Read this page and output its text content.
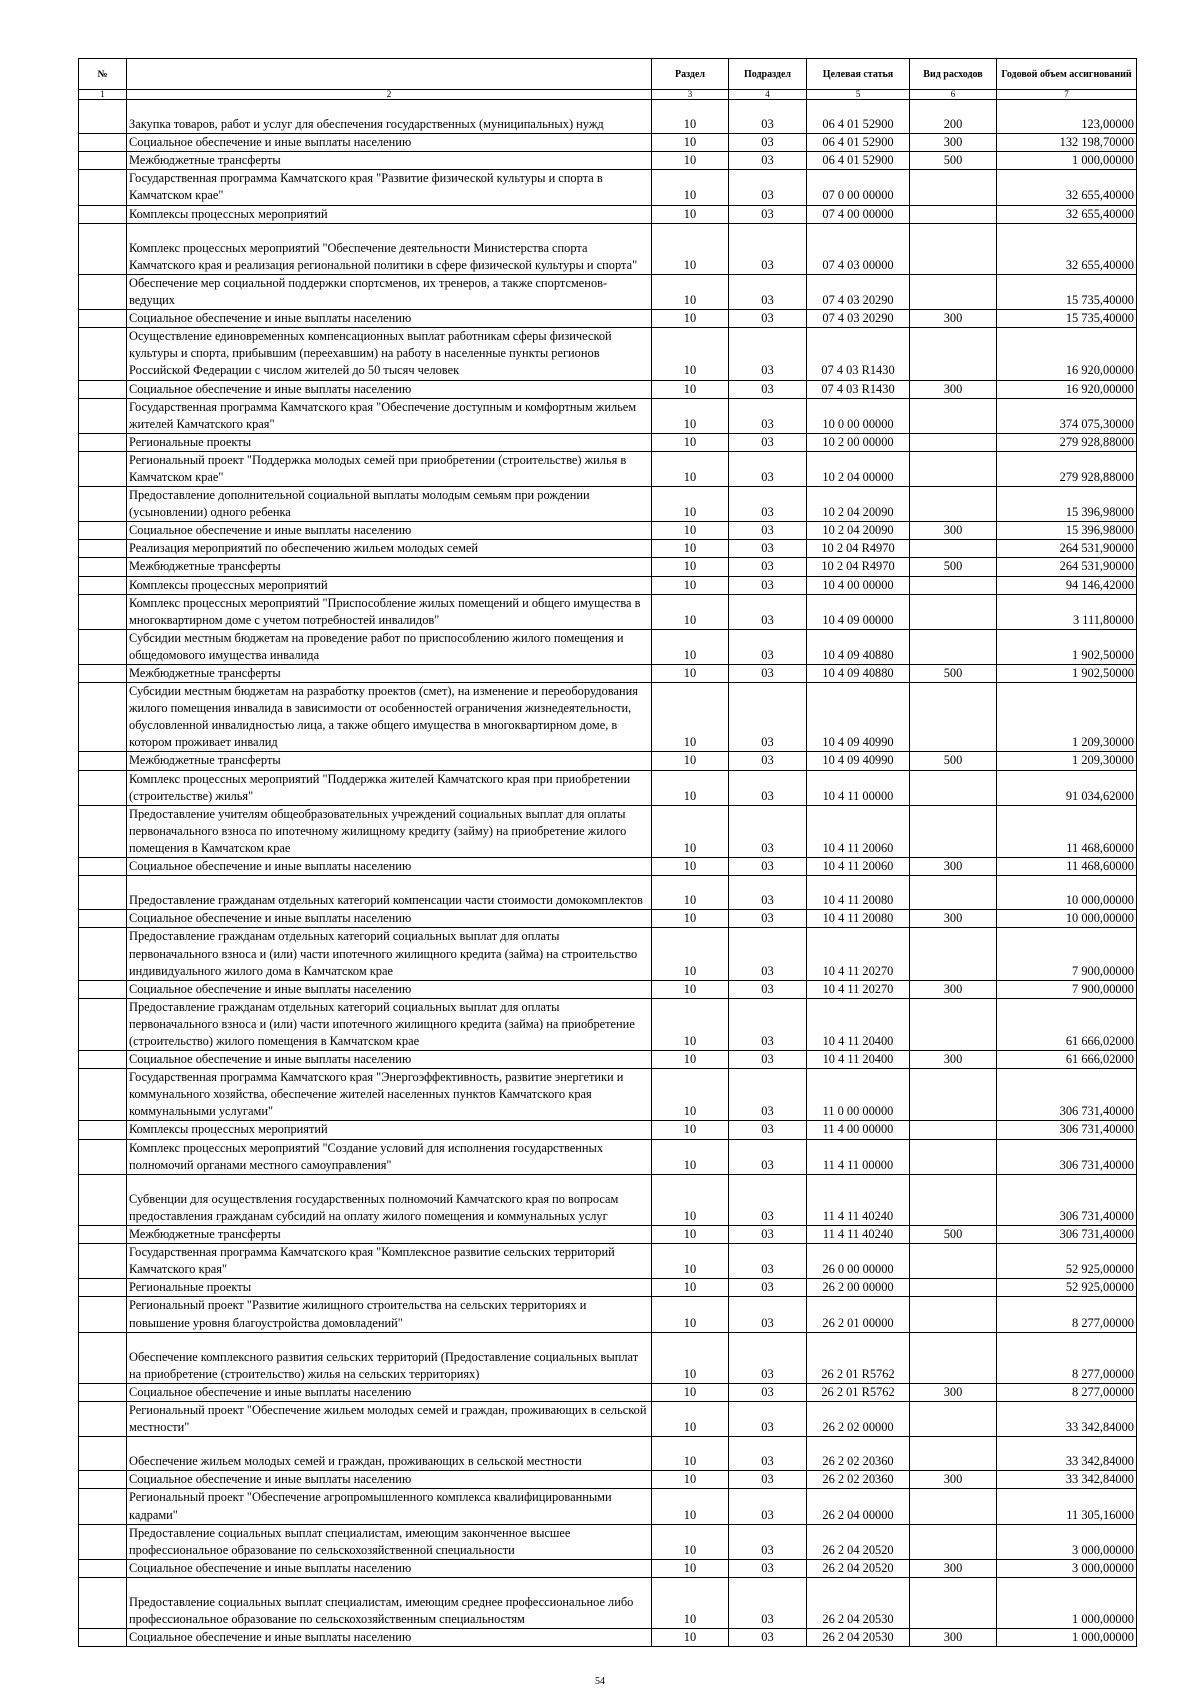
№		Раздел	Подраздел	Целевая статья	Вид расходов	Годовой объем ассигнований
1	2	3	4	5	6	7
	Закупка товаров, работ и услуг для обеспечения государственных (муниципальных) нужд	10	03	06 4 01 52900	200	123,00000
	Социальное обеспечение и иные выплаты населению	10	03	06 4 01 52900	300	132 198,70000
	Межбюджетные трансферты	10	03	06 4 01 52900	500	1 000,00000
	Государственная программа Камчатского края "Развитие физической культуры и спорта в Камчатском крае"	10	03	07 0 00 00000		32 655,40000
	Комплексы процессных мероприятий	10	03	07 4 00 00000		32 655,40000
	Комплекс процессных мероприятий "Обеспечение деятельности Министерства спорта Камчатского края и реализация региональной политики в сфере физической культуры и спорта"	10	03	07 4 03 00000		32 655,40000
	Обеспечение мер социальной поддержки спортсменов, их тренеров, а также спортсменов-ведущих	10	03	07 4 03 20290		15 735,40000
	Социальное обеспечение и иные выплаты населению	10	03	07 4 03 20290	300	15 735,40000
	Осуществление единовременных компенсационных выплат работникам сферы физической культуры и спорта, прибывшим (переехавшим) на работу в населенные пункты регионов Российской Федерации с числом жителей до 50 тысяч человек	10	03	07 4 03 R1430		16 920,00000
	Социальное обеспечение и иные выплаты населению	10	03	07 4 03 R1430	300	16 920,00000
	Государственная программа Камчатского края "Обеспечение доступным и комфортным жильем жителей Камчатского края"	10	03	10 0 00 00000		374 075,30000
	Региональные проекты	10	03	10 2 00 00000		279 928,88000
	Региональный проект "Поддержка молодых семей при приобретении (строительстве) жилья в Камчатском крае"	10	03	10 2 04 00000		279 928,88000
	Предоставление дополнительной социальной выплаты молодым семьям при рождении (усыновлении) одного ребенка	10	03	10 2 04 20090		15 396,98000
	Социальное обеспечение и иные выплаты населению	10	03	10 2 04 20090	300	15 396,98000
	Реализация мероприятий по обеспечению жильем молодых семей	10	03	10 2 04 R4970		264 531,90000
	Межбюджетные трансферты	10	03	10 2 04 R4970	500	264 531,90000
	Комплексы процессных мероприятий	10	03	10 4 00 00000		94 146,42000
	Комплекс процессных мероприятий "Приспособление жилых помещений и общего имущества в многоквартирном доме с учетом потребностей инвалидов"	10	03	10 4 09 00000		3 111,80000
	Субсидии местным бюджетам на проведение работ по приспособлению жилого помещения и общедомового имущества инвалида	10	03	10 4 09 40880		1 902,50000
	Межбюджетные трансферты	10	03	10 4 09 40880	500	1 902,50000
	Субсидии местным бюджетам на разработку проектов (смет), на изменение и переоборудования жилого помещения инвалида в зависимости от особенностей ограничения жизнедеятельности, обусловленной инвалидностью лица, а также общего имущества в многоквартирном доме, в котором проживает инвалид	10	03	10 4 09 40990		1 209,30000
	Межбюджетные трансферты	10	03	10 4 09 40990	500	1 209,30000
	Комплекс процессных мероприятий "Поддержка жителей Камчатского края при приобретении (строительстве) жилья"	10	03	10 4 11 00000		91 034,62000
	Предоставление учителям общеобразовательных учреждений социальных выплат для оплаты первоначального взноса по ипотечному жилищному кредиту (займу) на приобретение жилого помещения в Камчатском крае	10	03	10 4 11 20060		11 468,60000
	Социальное обеспечение и иные выплаты населению	10	03	10 4 11 20060	300	11 468,60000
	Предоставление гражданам отдельных категорий компенсации части стоимости домокомплектов	10	03	10 4 11 20080		10 000,00000
	Социальное обеспечение и иные выплаты населению	10	03	10 4 11 20080	300	10 000,00000
	Предоставление гражданам отдельных категорий социальных выплат для оплаты первоначального взноса и (или) части ипотечного жилищного кредита (займа) на строительство индивидуального жилого дома в Камчатском крае	10	03	10 4 11 20270		7 900,00000
	Социальное обеспечение и иные выплаты населению	10	03	10 4 11 20270	300	7 900,00000
	Предоставление гражданам отдельных категорий социальных выплат для оплаты первоначального взноса и (или) части ипотечного жилищного кредита (займа) на приобретение (строительство) жилого помещения в Камчатском крае	10	03	10 4 11 20400		61 666,02000
	Социальное обеспечение и иные выплаты населению	10	03	10 4 11 20400	300	61 666,02000
	Государственная программа Камчатского края "Энергоэффективность, развитие энергетики и коммунального хозяйства, обеспечение жителей населенных пунктов Камчатского края коммунальными услугами"	10	03	11 0 00 00000		306 731,40000
	Комплексы процессных мероприятий	10	03	11 4 00 00000		306 731,40000
	Комплекс процессных мероприятий "Создание условий для исполнения государственных полномочий органами местного самоуправления"	10	03	11 4 11 00000		306 731,40000
	Субвенции для осуществления государственных полномочий Камчатского края по вопросам предоставления гражданам субсидий на оплату жилого помещения и коммунальных услуг	10	03	11 4 11 40240		306 731,40000
	Межбюджетные трансферты	10	03	11 4 11 40240	500	306 731,40000
	Государственная программа Камчатского края "Комплексное развитие сельских территорий Камчатского края"	10	03	26 0 00 00000		52 925,00000
	Региональные проекты	10	03	26 2 00 00000		52 925,00000
	Региональный проект "Развитие жилищного строительства на сельских территориях и повышение уровня благоустройства домовладений"	10	03	26 2 01 00000		8 277,00000
	Обеспечение комплексного развития сельских территорий (Предоставление социальных выплат на приобретение (строительство) жилья на сельских территориях)	10	03	26 2 01 R5762		8 277,00000
	Социальное обеспечение и иные выплаты населению	10	03	26 2 01 R5762	300	8 277,00000
	Региональный проект "Обеспечение жильем молодых семей и граждан, проживающих в сельской местности"	10	03	26 2 02 00000		33 342,84000
	Обеспечение жильем молодых семей и граждан, проживающих в сельской местности	10	03	26 2 02 20360		33 342,84000
	Социальное обеспечение и иные выплаты населению	10	03	26 2 02 20360	300	33 342,84000
	Региональный проект "Обеспечение агропромышленного комплекса квалифицированными кадрами"	10	03	26 2 04 00000		11 305,16000
	Предоставление социальных выплат специалистам, имеющим законченное высшее профессиональное образование по сельскохозяйственной специальности	10	03	26 2 04 20520		3 000,00000
	Социальное обеспечение и иные выплаты населению	10	03	26 2 04 20520	300	3 000,00000
	Предоставление социальных выплат специалистам, имеющим среднее профессиональное либо профессиональное образование по сельскохозяйственным специальностям	10	03	26 2 04 20530		1 000,00000
	Социальное обеспечение и иные выплаты населению	10	03	26 2 04 20530	300	1 000,00000
54
